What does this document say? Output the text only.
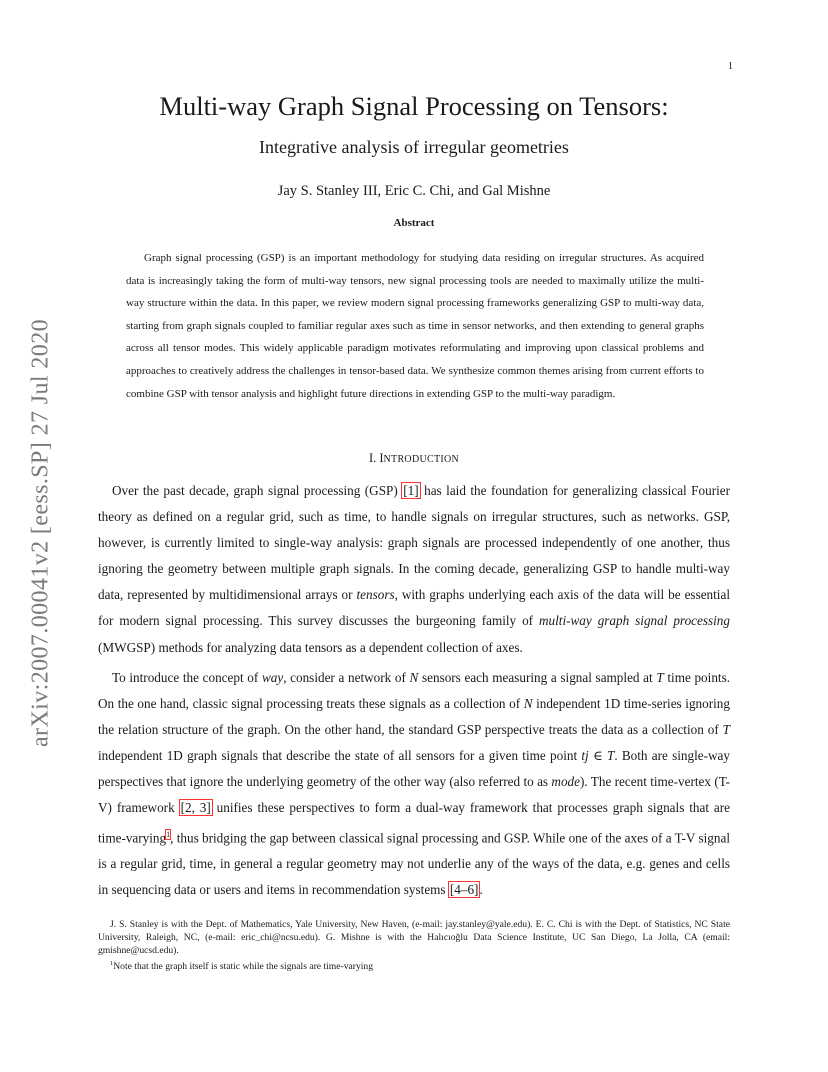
1
arXiv:2007.00041v2 [eess.SP] 27 Jul 2020
Multi-way Graph Signal Processing on Tensors:
Integrative analysis of irregular geometries
Jay S. Stanley III, Eric C. Chi, and Gal Mishne
Abstract

Graph signal processing (GSP) is an important methodology for studying data residing on irregular structures. As acquired data is increasingly taking the form of multi-way tensors, new signal processing tools are needed to maximally utilize the multi-way structure within the data. In this paper, we review modern signal processing frameworks generalizing GSP to multi-way data, starting from graph signals coupled to familiar regular axes such as time in sensor networks, and then extending to general graphs across all tensor modes. This widely applicable paradigm motivates reformulating and improving upon classical problems and approaches to creatively address the challenges in tensor-based data. We synthesize common themes arising from current efforts to combine GSP with tensor analysis and highlight future directions in extending GSP to the multi-way paradigm.

I. INTRODUCTION

Over the past decade, graph signal processing (GSP) [1] has laid the foundation for generalizing classical Fourier theory as defined on a regular grid, such as time, to handle signals on irregular structures, such as networks. GSP, however, is currently limited to single-way analysis: graph signals are processed independently of one another, thus ignoring the geometry between multiple graph signals. In the coming decade, generalizing GSP to handle multi-way data, represented by multidimensional arrays or tensors, with graphs underlying each axis of the data will be essential for modern signal processing. This survey discusses the burgeoning family of multi-way graph signal processing (MWGSP) methods for analyzing data tensors as a dependent collection of axes.

To introduce the concept of way, consider a network of N sensors each measuring a signal sampled at T time points. On the one hand, classic signal processing treats these signals as a collection of N independent 1D time-series ignoring the relation structure of the graph. On the other hand, the standard GSP perspective treats the data as a collection of T independent 1D graph signals that describe the state of all sensors for a given time point tj ∈ T. Both are single-way perspectives that ignore the underlying geometry of the other way (also referred to as mode). The recent time-vertex (T-V) framework [2, 3] unifies these perspectives to form a dual-way framework that processes graph signals that are time-varying$^1$, thus bridging the gap between classical signal processing and GSP. While one of the axes of a T-V signal is a regular grid, time, in general a regular geometry may not underlie any of the ways of the data, e.g. genes and cells in sequencing data or users and items in recommendation systems [4–6].

J. S. Stanley is with the Dept. of Mathematics, Yale University, New Haven, (e-mail: jay.stanley@yale.edu). E. C. Chi is with the Dept. of Statistics, NC State University, Raleigh, NC, (e-mail: eric_chi@ncsu.edu). G. Mishne is with the Halıcıoğlu Data Science Institute, UC San Diego, La Jolla, CA (email: gmishne@ucsd.edu).

$^1$Note that the graph itself is static while the signals are time-varying
